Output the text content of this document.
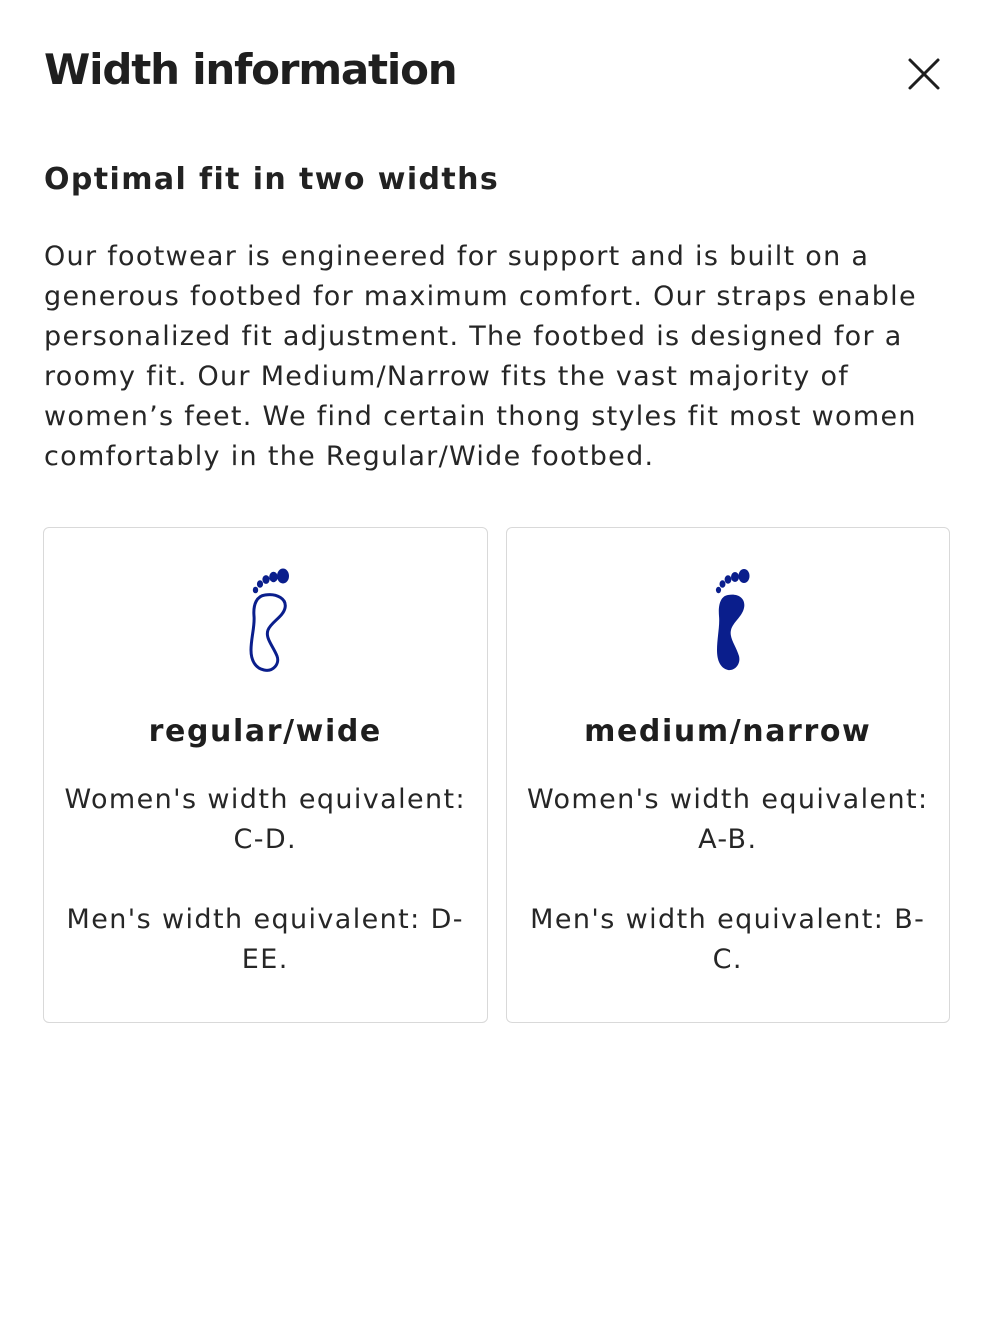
Width information
Optimal fit in two widths

Our footwear is engineered for support and is built on a generous footbed for maximum comfort. Our straps enable personalized fit adjustment. The footbed is designed for a roomy fit. Our Medium/Narrow fits the vast majority of women’s feet. We find certain thong styles fit most women comfortably in the Regular/Wide footbed.

regular/wide

Women's width equivalent: C-D.

Men's width equivalent: D-EE.

medium/narrow

Women's width equivalent: A-B.

Men's width equivalent: B-C.
